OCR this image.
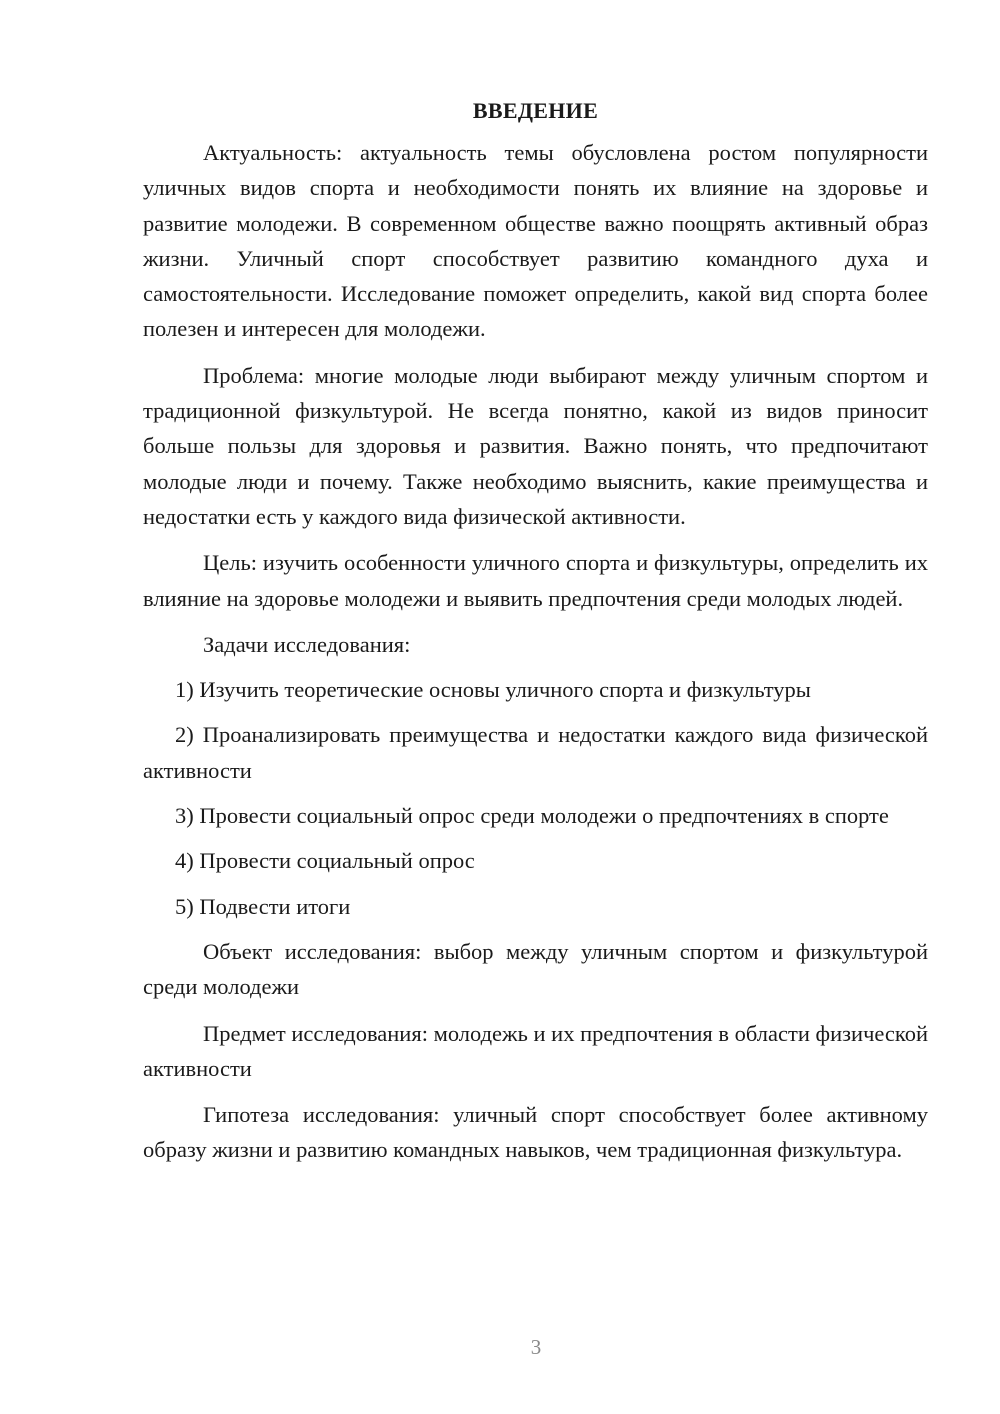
ВВЕДЕНИЕ

Актуальность: актуальность темы обусловлена ростом популярности уличных видов спорта и необходимости понять их влияние на здоровье и развитие молодежи. В современном обществе важно поощрять активный образ жизни. Уличный спорт способствует развитию командного духа и самостоятельности. Исследование поможет определить, какой вид спорта более полезен и интересен для молодежи.

Проблема: многие молодые люди выбирают между уличным спортом и традиционной физкультурой. Не всегда понятно, какой из видов приносит больше пользы для здоровья и развития. Важно понять, что предпочитают молодые люди и почему. Также необходимо выяснить, какие преимущества и недостатки есть у каждого вида физической активности.

Цель: изучить особенности уличного спорта и физкультуры, определить их влияние на здоровье молодежи и выявить предпочтения среди молодых людей.

Задачи исследования:

1) Изучить теоретические основы уличного спорта и физкультуры

2) Проанализировать преимущества и недостатки каждого вида физической активности

3) Провести социальный опрос среди молодежи о предпочтениях в спорте

4) Провести социальный опрос

5) Подвести итоги

Объект исследования: выбор между уличным спортом и физкультурой среди молодежи

Предмет исследования: молодежь и их предпочтения в области физической активности

Гипотеза исследования: уличный спорт способствует более активному образу жизни и развитию командных навыков, чем традиционная физкультура.

3
